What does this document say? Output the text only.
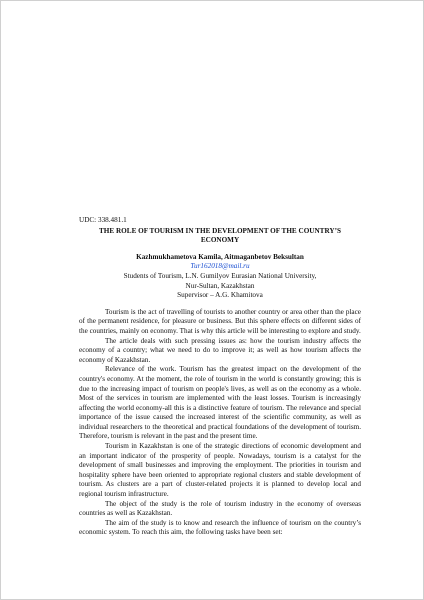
UDC: 338.481.1
THE ROLE OF TOURISM IN THE DEVELOPMENT OF THE COUNTRY’S ECONOMY
Kazhmukhametova Kamila, Aitmaganbetov Beksultan
Tur162018@mail.ru
Students of Tourism, L.N. Gumilyov Eurasian National University,
Nur-Sultan, Kazakhstan
Supervisor – A.G. Khamitova

Tourism is the act of travelling of tourists to another country or area other than the place of the permanent residence, for pleasure or business. But this sphere effects on different sides of the countries, mainly on economy. That is why this article will be interesting to explore and study.

The article deals with such pressing issues as: how the tourism industry affects the economy of a country; what we need to do to improve it; as well as how tourism affects the economy of Kazakhstan.

Relevance of the work. Tourism has the greatest impact on the development of the country's economy. At the moment, the role of tourism in the world is constantly growing; this is due to the increasing impact of tourism on people's lives, as well as on the economy as a whole. Most of the services in tourism are implemented with the least losses. Tourism is increasingly affecting the world economy-all this is a distinctive feature of tourism. The relevance and special importance of the issue caused the increased interest of the scientific community, as well as individual researchers to the theoretical and practical foundations of the development of tourism. Therefore, tourism is relevant in the past and the present time.

Tourism in Kazakhstan is one of the strategic directions of economic development and an important indicator of the prosperity of people. Nowadays, tourism is a catalyst for the development of small businesses and improving the employment. The priorities in tourism and hospitality sphere have been oriented to appropriate regional clusters and stable development of tourism. As clusters are a part of cluster-related projects it is planned to develop local and regional tourism infrastructure.

The object of the study is the role of tourism industry in the economy of overseas countries as well as Kazakhstan.

The aim of the study is to know and research the influence of tourism on the country’s economic system. To reach this aim, the following tasks have been set:
